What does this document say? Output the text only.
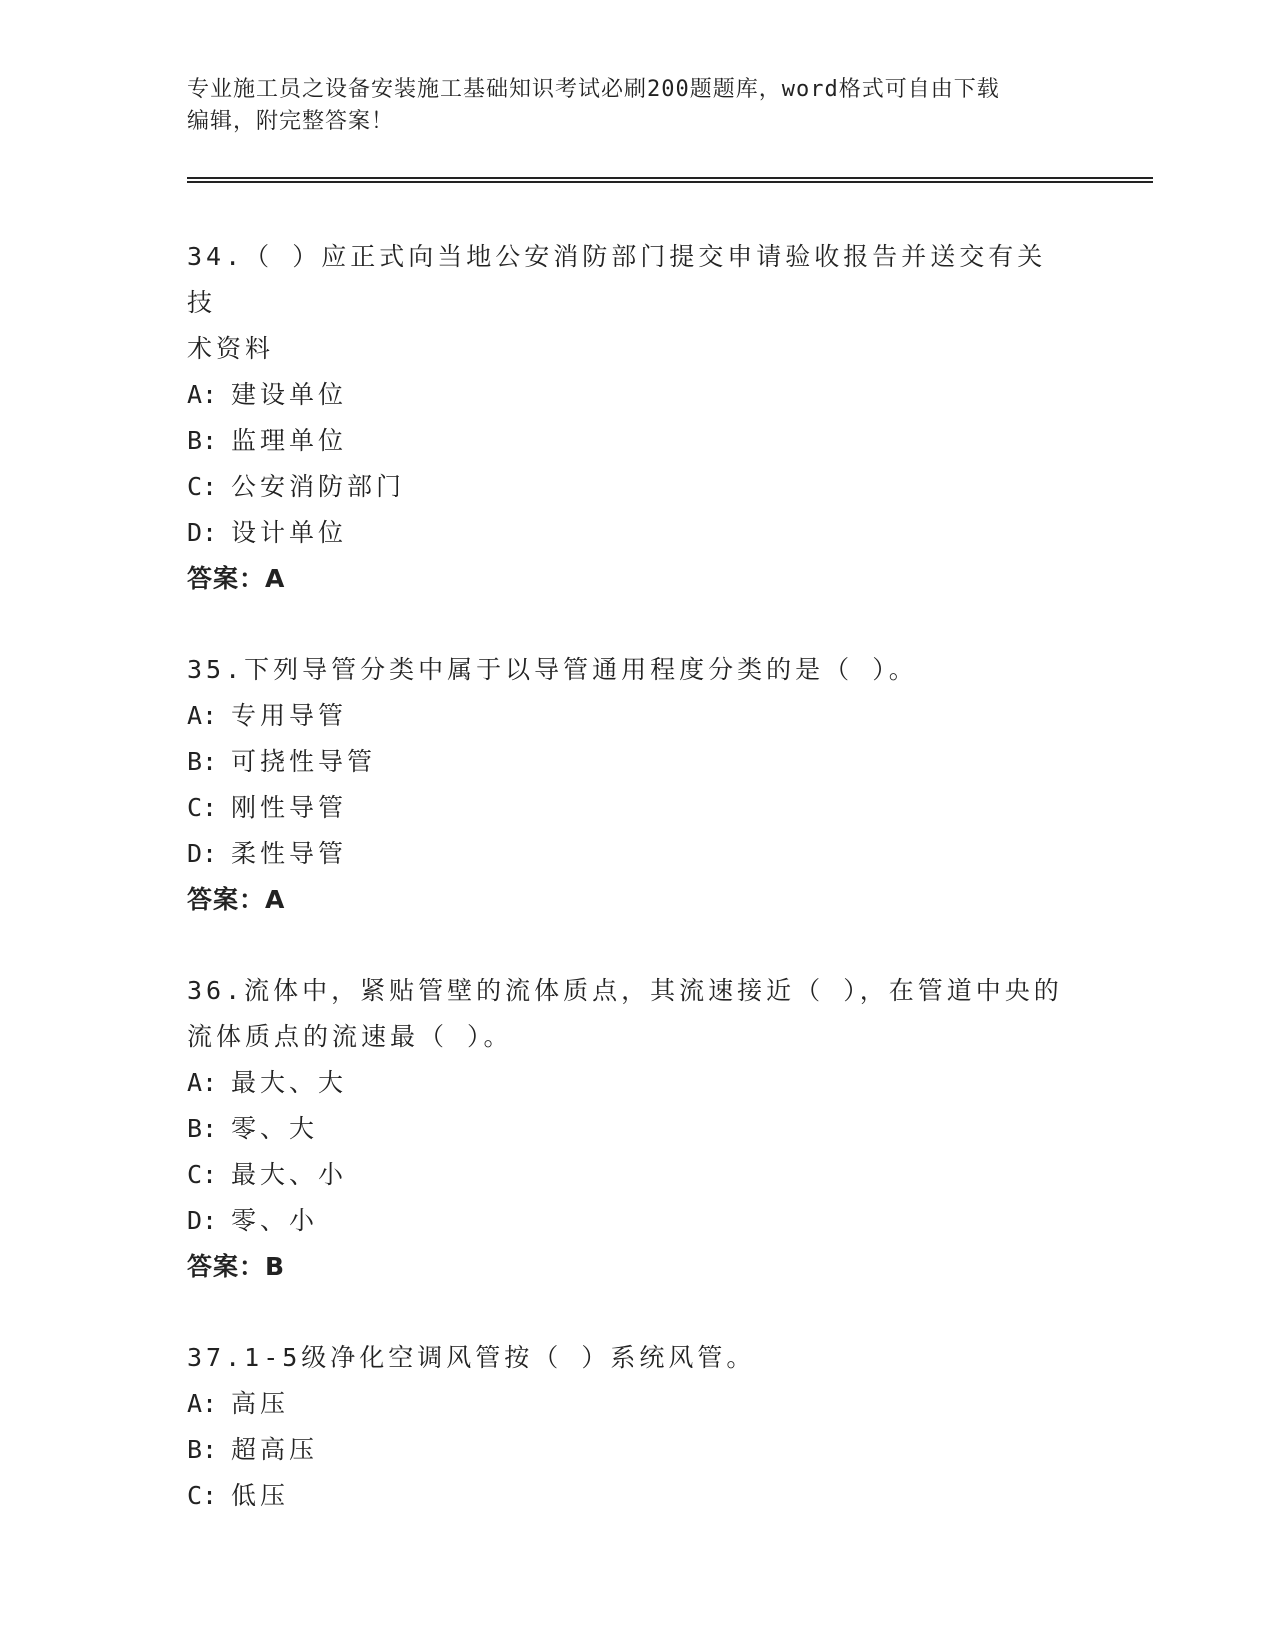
专业施工员之设备安装施工基础知识考试必刷200题题库，word格式可自由下载
编辑，附完整答案！
34.（ ）应正式向当地公安消防部门提交申请验收报告并送交有关技
术资料
A: 建设单位
B: 监理单位
C: 公安消防部门
D: 设计单位
答案：A
35.下列导管分类中属于以导管通用程度分类的是（ ）。
A: 专用导管
B: 可挠性导管
C: 刚性导管
D: 柔性导管
答案：A
36.流体中，紧贴管壁的流体质点，其流速接近（ ），在管道中央的
流体质点的流速最（ ）。
A: 最大、大
B: 零、大
C: 最大、小
D: 零、小
答案：B
37.1-5级净化空调风管按（ ）系统风管。
A: 高压
B: 超高压
C: 低压
